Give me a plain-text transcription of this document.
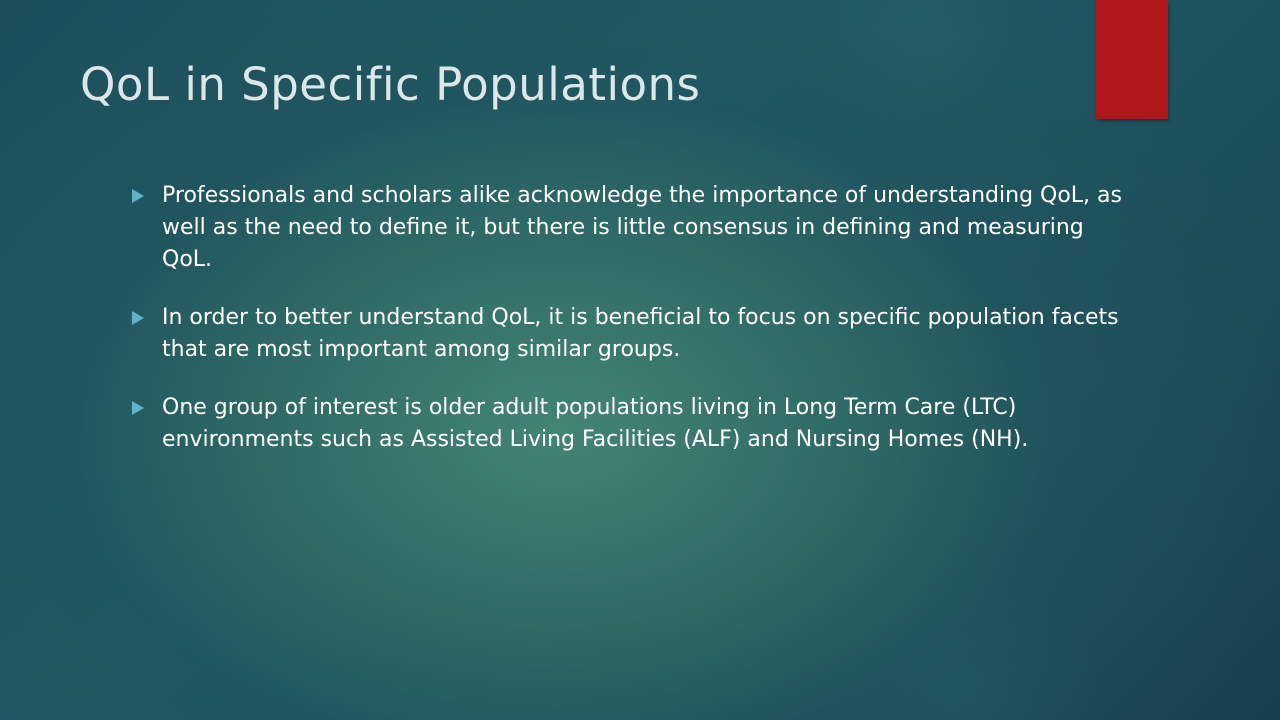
QoL in Specific Populations
Professionals and scholars alike acknowledge the importance of understanding QoL, as well as the need to define it, but there is little consensus in defining and measuring QoL.
In order to better understand QoL, it is beneficial to focus on specific population facets that are most important among similar groups.
One group of interest is older adult populations living in Long Term Care (LTC) environments such as Assisted Living Facilities (ALF) and Nursing Homes (NH).
